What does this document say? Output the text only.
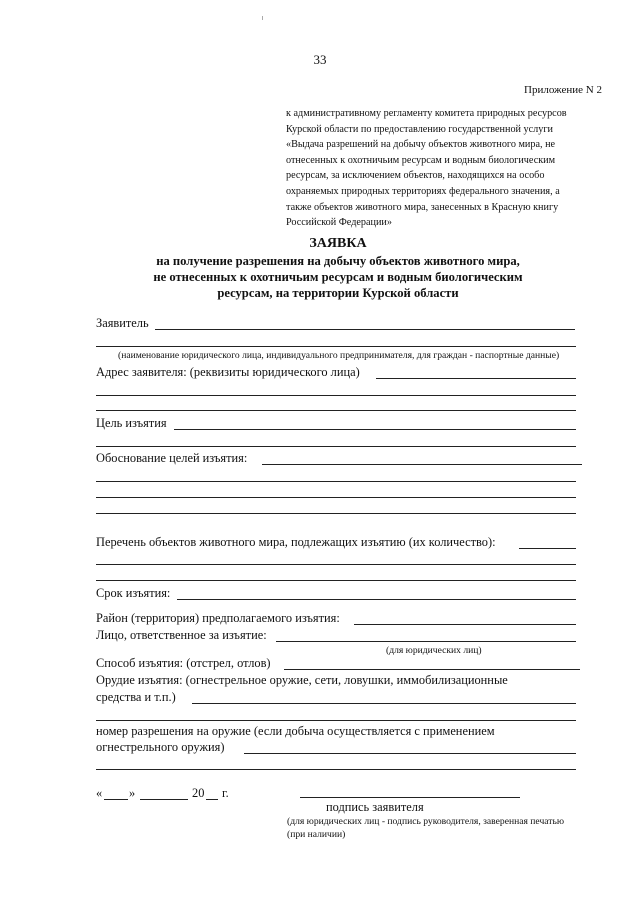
33
Приложение N 2
к административному регламенту комитета природных ресурсов
Курской области по предоставлению государственной услуги
«Выдача разрешений на добычу объектов животного мира, не
отнесенных к охотничьим ресурсам и водным биологическим
ресурсам, за исключением объектов, находящихся на особо
охраняемых природных территориях федерального значения, а
также объектов животного мира, занесенных в Красную книгу
Российской Федерации»
ЗАЯВКА
на получение разрешения на добычу объектов животного мира,
не отнесенных к охотничьим ресурсам и водным биологическим
ресурсам, на территории Курской области
Заявитель
(наименование юридического лица, индивидуального предпринимателя, для граждан - паспортные данные)
Адрес заявителя: (реквизиты юридического лица)
Цель изъятия
Обоснование целей изъятия:
Перечень объектов животного мира, подлежащих изъятию (их количество):
Срок изъятия:
Район (территория) предполагаемого изъятия:
Лицо, ответственное за изъятие:
(для юридических лиц)
Способ изъятия: (отстрел, отлов)
Орудие изъятия: (огнестрельное оружие, сети, ловушки, иммобилизационные
средства и т.п.)
номер разрешения на оружие (если добыча осуществляется с применением
огнестрельного оружия)
« »	20 г.
подпись заявителя
(для юридических лиц - подпись руководителя, заверенная печатью
(при наличии)
